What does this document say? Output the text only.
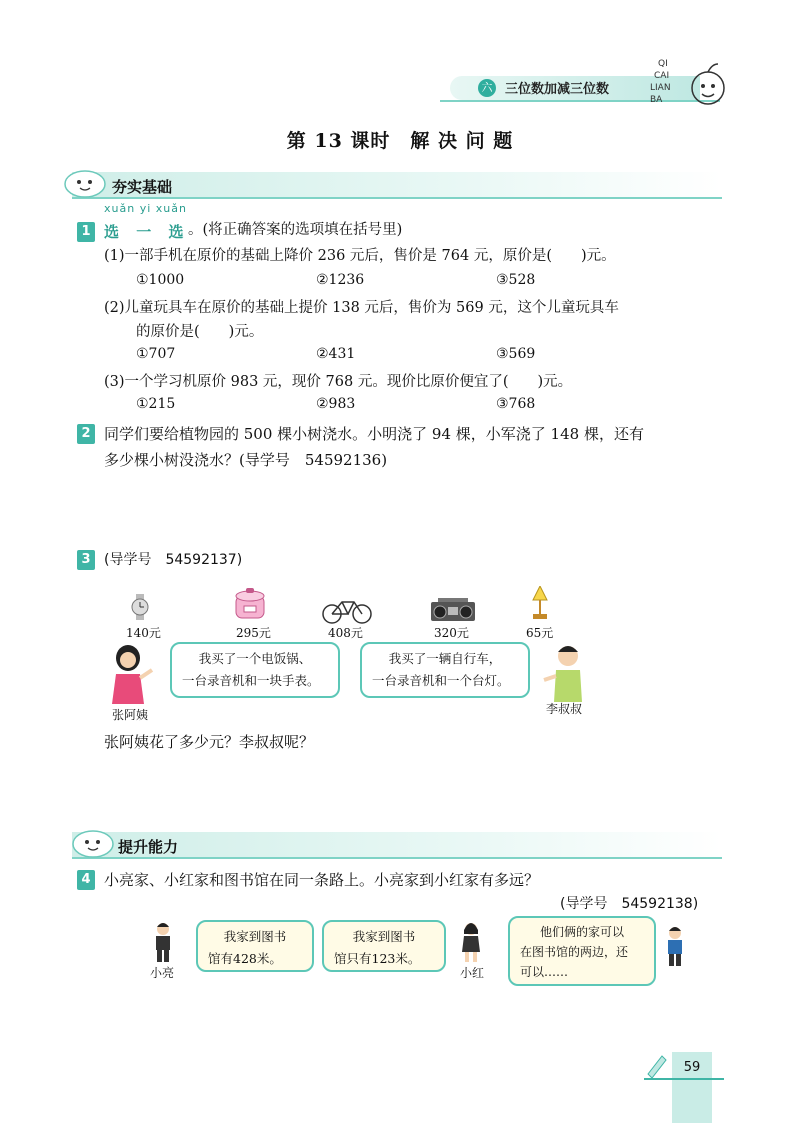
六 三位数加减三位数
QI
CAI
LIAN
BA
第 13 课时　解 决 问 题
夯实基础
xuǎn yi xuǎn
1 选 一 选
。(将正确答案的选项填在括号里)
(1)一部手机在原价的基础上降价 236 元后，售价是 764 元，原价是(　　)元。
①1000	②1236	③528
(2)儿童玩具车在原价的基础上提价 138 元后，售价为 569 元，这个儿童玩具车
的原价是(　　)元。
①707	②431	③569
(3)一个学习机原价 983 元，现价 768 元。现价比原价便宜了(　　)元。
①215	②983	③768
2 同学们要给植物园的 500 棵小树浇水。小明浇了 94 棵，小军浇了 148 棵，还有
多少棵小树没浇水？(导学号　54592136)
3 (导学号　54592137)
140元	295元	408元	320元	65元
我买了一个电饭锅、
一台录音机和一块手表。
我买了一辆自行车，
一台录音机和一个台灯。
张阿姨	李叔叔
张阿姨花了多少元？李叔叔呢？
提升能力
4 小亮家、小红家和图书馆在同一条路上。小亮家到小红家有多远？
(导学号　54592138)
我家到图书
馆有428米。
小亮
我家到图书
馆只有123米。
小红
他们俩的家可以
在图书馆的两边，还
可以……
59
